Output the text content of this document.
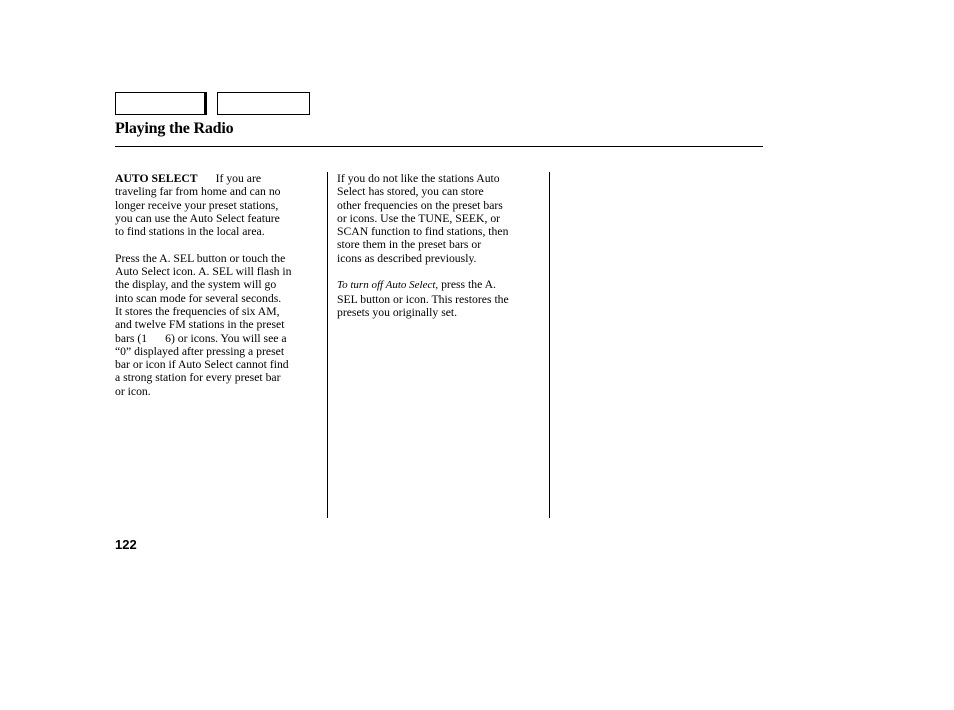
Playing the Radio

AUTO SELECT If you are
traveling far from home and can no
longer receive your preset stations,
you can use the Auto Select feature
to find stations in the local area.

Press the A. SEL button or touch the
Auto Select icon. A. SEL will flash in
the display, and the system will go
into scan mode for several seconds.
It stores the frequencies of six AM,
and twelve FM stations in the preset
bars (1 6) or icons. You will see a
“0” displayed after pressing a preset
bar or icon if Auto Select cannot find
a strong station for every preset bar
or icon.

If you do not like the stations Auto
Select has stored, you can store
other frequencies on the preset bars
or icons. Use the TUNE, SEEK, or
SCAN function to find stations, then
store them in the preset bars or
icons as described previously.

To turn off Auto Select, press the A.
SEL button or icon. This restores the
presets you originally set.

122
